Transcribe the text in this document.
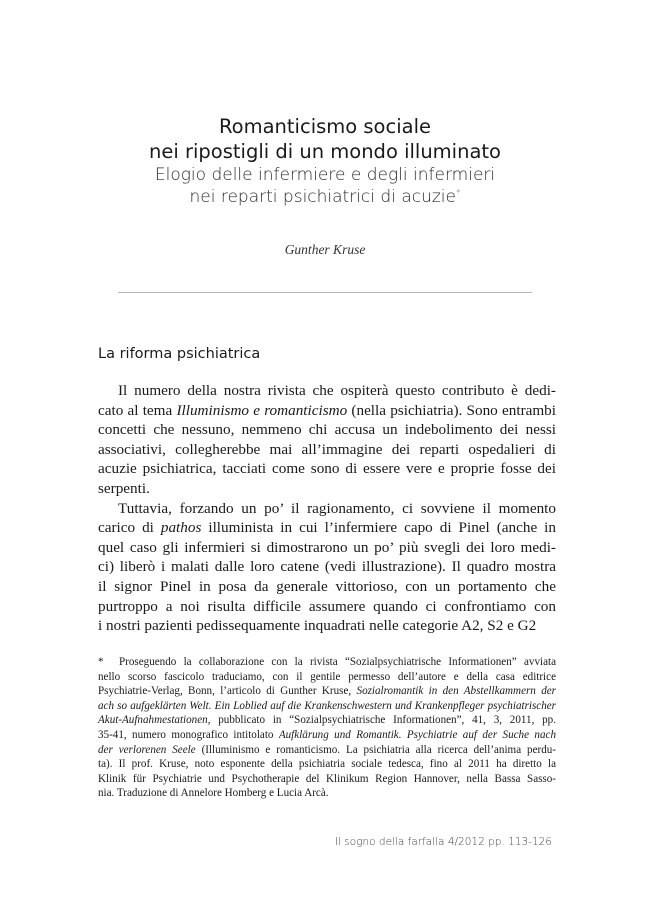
Romanticismo sociale
nei ripostigli di un mondo illuminato
Elogio delle infermiere e degli infermieri
nei reparti psichiatrici di acuzie*
Gunther Kruse
La riforma psichiatrica
Il numero della nostra rivista che ospiterà questo contributo è dedi-
cato al tema Illuminismo e romanticismo (nella psichiatria). Sono entrambi
concetti che nessuno, nemmeno chi accusa un indebolimento dei nessi
associativi, collegherebbe mai all’immagine dei reparti ospedalieri di
acuzie psichiatrica, tacciati come sono di essere vere e proprie fosse dei
serpenti.
Tuttavia, forzando un po’ il ragionamento, ci sovviene il momento
carico di pathos illuminista in cui l’infermiere capo di Pinel (anche in
quel caso gli infermieri si dimostrarono un po’ più svegli dei loro medi-
ci) liberò i malati dalle loro catene (vedi illustrazione). Il quadro mostra
il signor Pinel in posa da generale vittorioso, con un portamento che
purtroppo a noi risulta difficile assumere quando ci confrontiamo con
i nostri pazienti pedissequamente inquadrati nelle categorie A2, S2 e G2
* Proseguendo la collaborazione con la rivista “Sozialpsychiatrische Informationen” avviata
nello scorso fascicolo traduciamo, con il gentile permesso dell’autore e della casa editrice
Psychiatrie-Verlag, Bonn, l’articolo di Gunther Kruse, Sozialromantik in den Abstellkammern der
ach so aufgeklärten Welt. Ein Loblied auf die Krankenschwestern und Krankenpfleger psychiatrischer
Akut-Aufnahmestationen, pubblicato in “Sozialpsychiatrische Informationen”, 41, 3, 2011, pp.
35-41, numero monografico intitolato Aufklärung und Romantik. Psychiatrie auf der Suche nach
der verlorenen Seele (Illuminismo e romanticismo. La psichiatria alla ricerca dell’anima perdu-
ta). Il prof. Kruse, noto esponente della psichiatria sociale tedesca, fino al 2011 ha diretto la
Klinik für Psychiatrie und Psychotherapie del Klinikum Region Hannover, nella Bassa Sasso-
nia. Traduzione di Annelore Homberg e Lucia Arcà.
Il sogno della farfalla 4/2012 pp. 113-126
